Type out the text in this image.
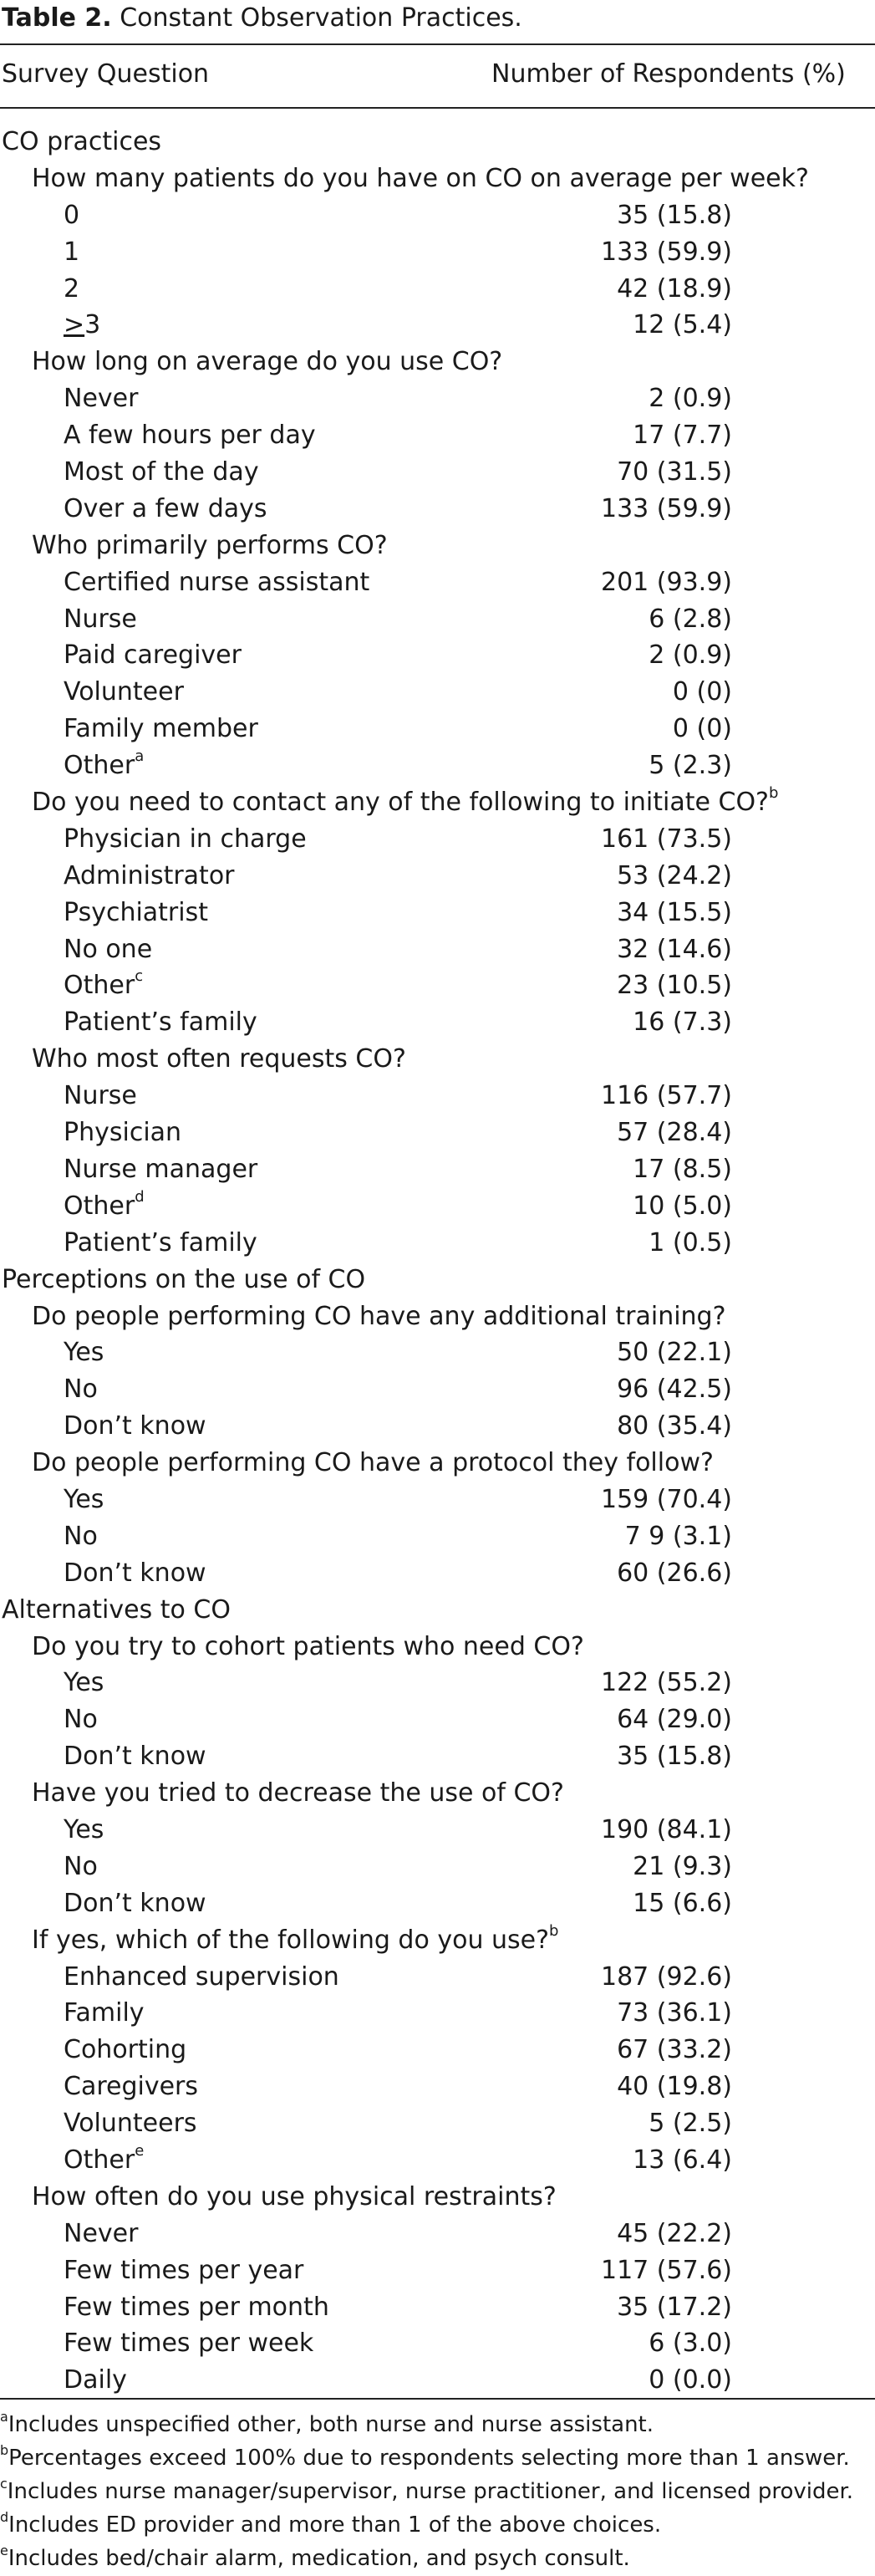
Table 2. Constant Observation Practices.
Survey Question	Number of Respondents (%)
CO practices
How many patients do you have on CO on average per week?
0	35 (15.8)
1	133 (59.9)
2	42 (18.9)
>3	12 (5.4)
How long on average do you use CO?
Never	2 (0.9)
A few hours per day	17 (7.7)
Most of the day	70 (31.5)
Over a few days	133 (59.9)
Who primarily performs CO?
Certified nurse assistant	201 (93.9)
Nurse	6 (2.8)
Paid caregiver	2 (0.9)
Volunteer	0 (0)
Family member	0 (0)
Other$^a$	5 (2.3)
Do you need to contact any of the following to initiate CO?$^b$
Physician in charge	161 (73.5)
Administrator	53 (24.2)
Psychiatrist	34 (15.5)
No one	32 (14.6)
Other$^c$	23 (10.5)
Patient’s family	16 (7.3)
Who most often requests CO?
Nurse	116 (57.7)
Physician	57 (28.4)
Nurse manager	17 (8.5)
Other$^d$	10 (5.0)
Patient’s family	1 (0.5)
Perceptions on the use of CO
Do people performing CO have any additional training?
Yes	50 (22.1)
No	96 (42.5)
Don’t know	80 (35.4)
Do people performing CO have a protocol they follow?
Yes	159 (70.4)
No	7 9 (3.1)
Don’t know	60 (26.6)
Alternatives to CO
Do you try to cohort patients who need CO?
Yes	122 (55.2)
No	64 (29.0)
Don’t know	35 (15.8)
Have you tried to decrease the use of CO?
Yes	190 (84.1)
No	21 (9.3)
Don’t know	15 (6.6)
If yes, which of the following do you use?$^b$
Enhanced supervision	187 (92.6)
Family	73 (36.1)
Cohorting	67 (33.2)
Caregivers	40 (19.8)
Volunteers	5 (2.5)
Other$^e$	13 (6.4)
How often do you use physical restraints?
Never	45 (22.2)
Few times per year	117 (57.6)
Few times per month	35 (17.2)
Few times per week	6 (3.0)
Daily	0 (0.0)
$^a$Includes unspecified other, both nurse and nurse assistant.
$^b$Percentages exceed 100% due to respondents selecting more than 1 answer.
$^c$Includes nurse manager/supervisor, nurse practitioner, and licensed provider.
$^d$Includes ED provider and more than 1 of the above choices.
$^e$Includes bed/chair alarm, medication, and psych consult.
